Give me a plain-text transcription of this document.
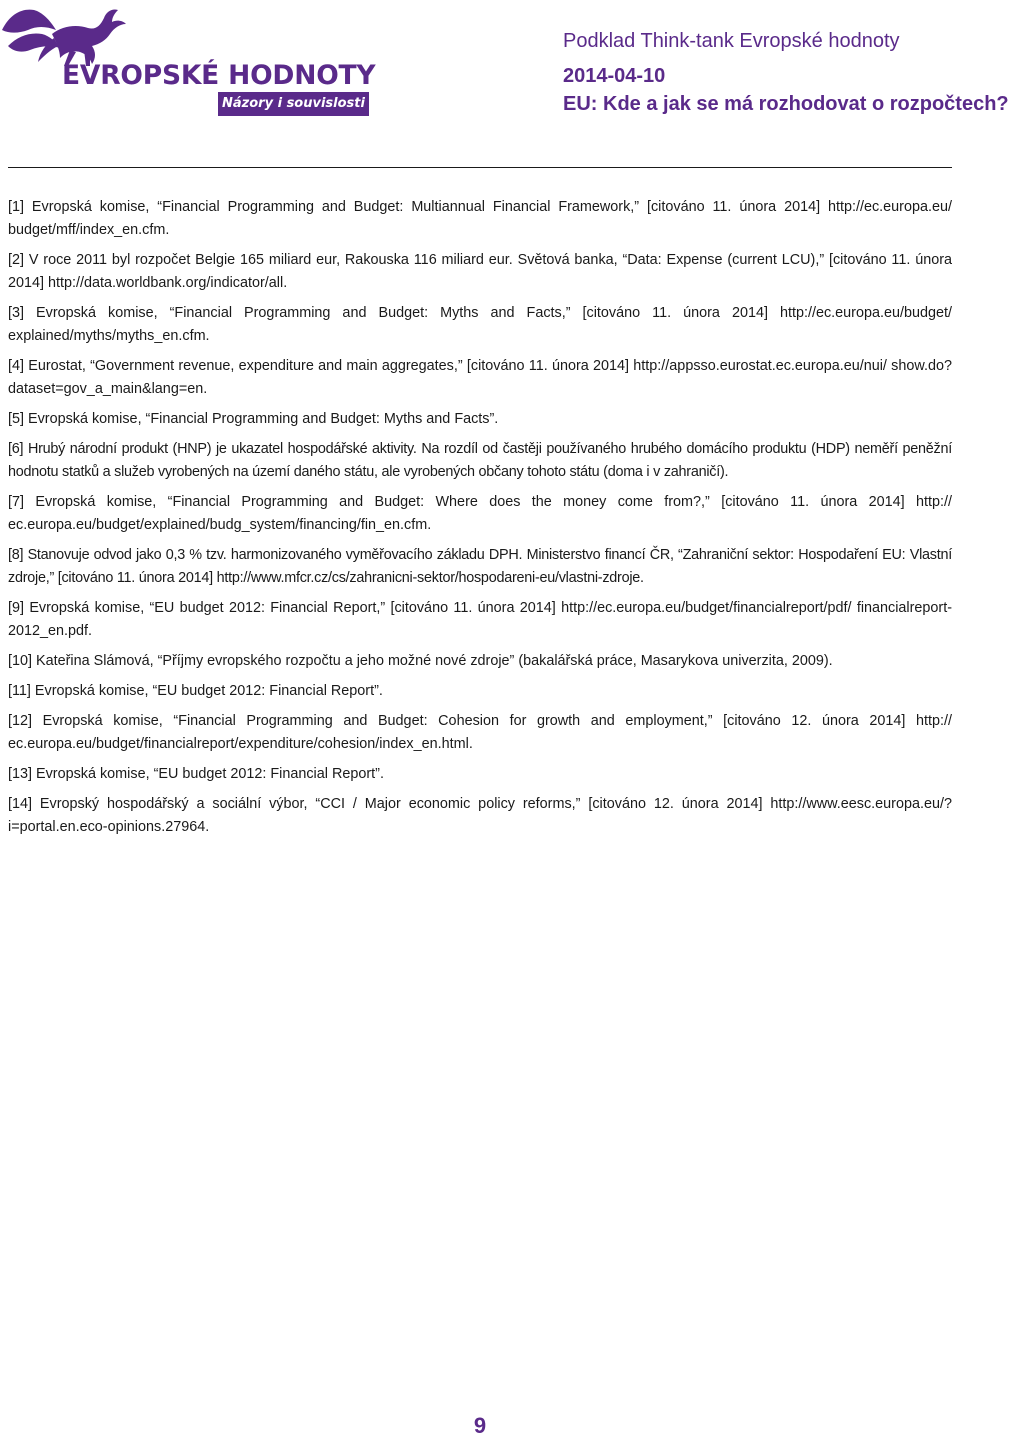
EVROPSKÉ HODNOTY
Názory i souvislosti
Podklad Think-tank Evropské hodnoty
2014-04-10
EU: Kde a jak se má rozhodovat o rozpočtech?

[1] Evropská komise, “Financial Programming and Budget: Multiannual Financial Framework,” [citováno 11. února 2014] http://ec.europa.eu/ budget/mff/index_en.cfm.

[2] V roce 2011 byl rozpočet Belgie 165 miliard eur, Rakouska 116 miliard eur. Světová banka, “Data: Expense (current LCU),” [citováno 11. února 2014] http://data.worldbank.org/indicator/all.

[3] Evropská komise, “Financial Programming and Budget: Myths and Facts,” [citováno 11. února 2014] http://ec.europa.eu/budget/ explained/myths/myths_en.cfm.

[4] Eurostat, “Government revenue, expenditure and main aggregates,” [citováno 11. února 2014] http://appsso.eurostat.ec.europa.eu/nui/ show.do?dataset=gov_a_main&lang=en.

[5] Evropská komise, “Financial Programming and Budget: Myths and Facts”.

[6] Hrubý národní produkt (HNP) je ukazatel hospodářské aktivity. Na rozdíl od častěji používaného hrubého domácího produktu (HDP) neměří peněžní hodnotu statků a služeb vyrobených na území daného státu, ale vyrobených občany tohoto státu (doma i v zahraničí).

[7] Evropská komise, “Financial Programming and Budget: Where does the money come from?,” [citováno 11. února 2014] http:// ec.europa.eu/budget/explained/budg_system/financing/fin_en.cfm.

[8] Stanovuje odvod jako 0,3 % tzv. harmonizovaného vyměřovacího základu DPH. Ministerstvo financí ČR, “Zahraniční sektor: Hospodaření EU: Vlastní zdroje,” [citováno 11. února 2014] http://www.mfcr.cz/cs/zahranicni-sektor/hospodareni-eu/vlastni-zdroje.

[9] Evropská komise, “EU budget 2012: Financial Report,” [citováno 11. února 2014] http://ec.europa.eu/budget/financialreport/pdf/ financialreport-2012_en.pdf.

[10] Kateřina Slámová, “Příjmy evropského rozpočtu a jeho možné nové zdroje” (bakalářská práce, Masarykova univerzita, 2009).

[11] Evropská komise, “EU budget 2012: Financial Report”.

[12] Evropská komise, “Financial Programming and Budget: Cohesion for growth and employment,” [citováno 12. února 2014] http:// ec.europa.eu/budget/financialreport/expenditure/cohesion/index_en.html.

[13] Evropská komise, “EU budget 2012: Financial Report”.

[14] Evropský hospodářský a sociální výbor, “CCI / Major economic policy reforms,” [citováno 12. února 2014] http://www.eesc.europa.eu/? i=portal.en.eco-opinions.27964.

9
